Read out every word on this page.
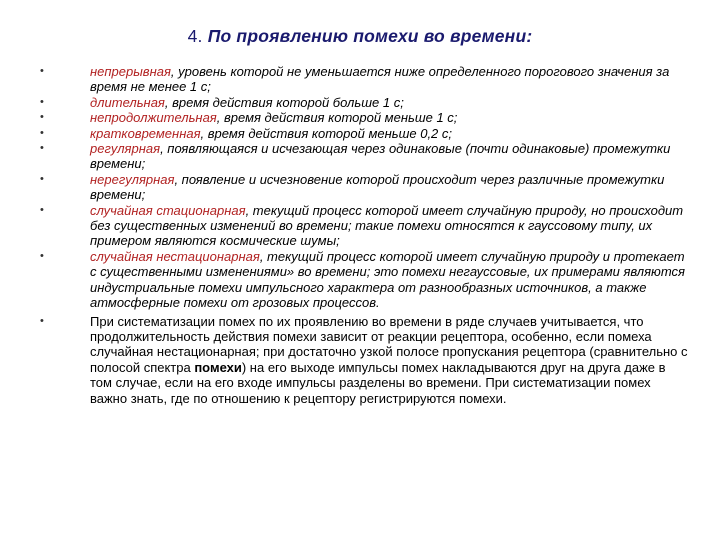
4. По проявлению помехи во времени:
•	непрерывная, уровень которой не уменьшается ниже определенного порогового значения за время не менее 1 с;
•	длительная, время действия которой больше 1 с;
•	непродолжительная, время действия которой меньше 1 с;
•	кратковременная, время действия которой меньше 0,2 с;
•	регулярная, появляющаяся и исчезающая через одинаковые (почти одинаковые) промежутки времени;
•	нерегулярная, появление и исчезновение которой происходит через различные промежутки времени;
•	случайная стационарная, текущий процесс которой имеет случайную природу, но происходит без существенных изменений во времени; такие помехи относятся к гауссовому типу, их примером являются космические шумы;
•	случайная нестационарная, текущий процесс которой имеет случайную природу и протекает с существенными изменениями» во времени; это помехи негауссовые, их примерами являются индустриальные помехи импульсного характера от разнообразных источников, а также атмосферные помехи от грозовых процессов.
•	При систематизации помех по их проявлению во времени в ряде случаев учитывается, что продолжительность действия помехи зависит от реакции рецептора, особенно, если помеха случайная нестационарная; при достаточно узкой полосе пропускания рецептора (сравнительно с полосой спектра помехи) на его выходе импульсы помех накладываются друг на друга даже в том случае, если на его входе импульсы разделены во времени. При систематизации помех важно знать, где по отношению к рецептору регистрируются помехи.
